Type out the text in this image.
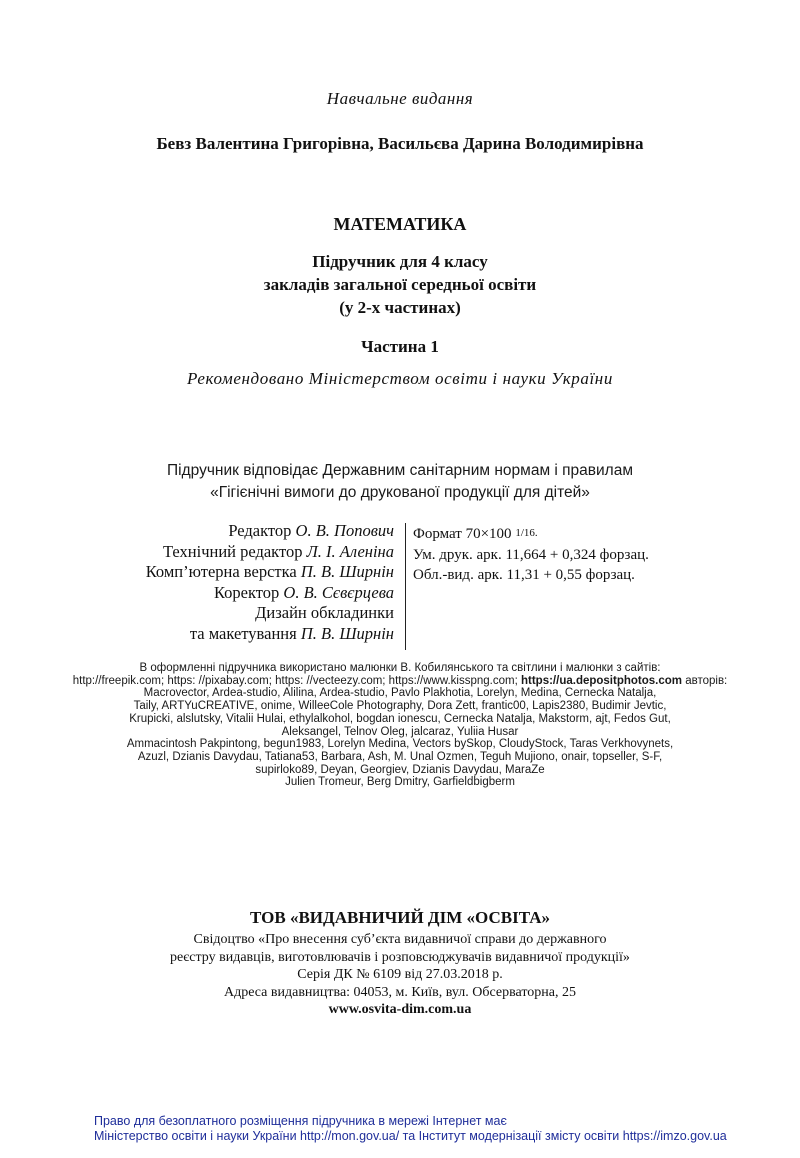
Навчальне видання
Бевз Валентина Григорівна, Васильєва Дарина Володимирівна
МАТЕМАТИКА
Підручник для 4 класу
закладів загальної середньої освіти
(у 2-х частинах)
Частина 1
Рекомендовано Міністерством освіти і науки України
Підручник відповідає Державним санітарним нормам і правилам
«Гігієнічні вимоги до друкованої продукції для дітей»
Редактор О. В. Попович
Технічний редактор Л. І. Аленіна
Комп’ютерна верстка П. В. Ширнін
Коректор О. В. Сєвєрцева
Дизайн обкладинки
та макетування П. В. Ширнін
Формат 70×100 $^{1/16.}$
Ум. друк. арк. 11,664 + 0,324 форзац.
Обл.-вид. арк. 11,31 + 0,55 форзац.
В оформленні підручника використано малюнки В. Кобилянського та світлини і малюнки з сайтів:
http://freepik.com; https: //pixabay.com; https: //vecteezy.com; https://www.kisspng.com; https://ua.depositphotos.com авторів:
Macrovector, Ardea-studio, Alilina, Ardea-studio, Pavlo Plakhotia, Lorelyn, Medina, Cernecka Natalja,
Taily, ARTYuCREATIVE, onime, WilleeCole Photography, Dora Zett, frantic00, Lapis2380, Budimir Jevtic,
Krupicki, alslutsky, Vitalii Hulai, ethylalkohol, bogdan ionescu, Cernecka Natalja, Makstorm, ajt, Fedos Gut,
Aleksangel, Telnov Oleg, jalcaraz, Yuliia Husar
Ammacintosh Pakpintong, begun1983, Lorelyn Medina, Vectors bySkop, CloudyStock, Taras Verkhovynets,
Azuzl, Dzianis Davydau, Tatiana53, Barbara, Ash, M. Unal Ozmen, Teguh Mujiono, onair, topseller, S-F,
supirloko89, Deyan, Georgiev, Dzianis Davydau, MaraZe
Julien Tromeur, Berg Dmitry, Garfieldbigberm
ТОВ «ВИДАВНИЧИЙ ДІМ «ОСВІТА»
Свідоцтво «Про внесення суб’єкта видавничої справи до державного
реєстру видавців, виготовлювачів і розповсюджувачів видавничої продукції»
Серія ДК № 6109 від 27.03.2018 р.
Адреса видавництва: 04053, м. Київ, вул. Обсерваторна, 25
www.osvita-dim.com.ua
Право для безоплатного розміщення підручника в мережі Інтернет має
Міністерство освіти і науки України http://mon.gov.ua/ та Інститут модернізації змісту освіти https://imzo.gov.ua
